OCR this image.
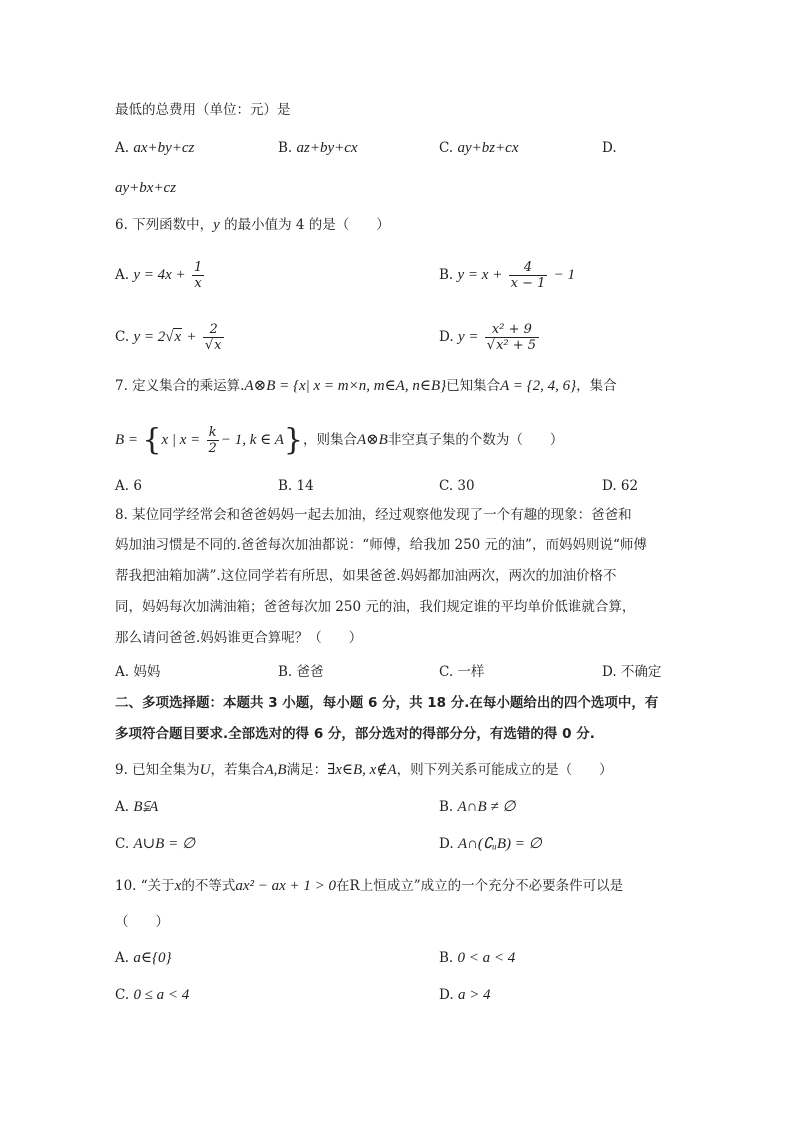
最低的总费用（单位：元）是
A. ax+by+cz	B. az+by+cx	C. ay+bz+cx	D.
ay+bx+cz
6. 下列函数中，y 的最小值为 4 的是（　　）
A. $y = 4x + \frac{1}{x}$	B. $y = x + \frac{4}{x - 1} - 1$
C. $y = 2√x + \frac{2}{√x}$	D. $y = \frac{\text{x² + 9}}{\text{√x² + 5}}$
7. 定义集合的乘运算.A⊗B = {x| x = m×n, m∈A, n∈B}已知集合A = {2, 4, 6}，集合
B = {x | $x = \frac{k}{2} - 1$, k ∈ A}，则集合A⊗B非空真子集的个数为（　　）
A. 6	B. 14	C. 30	D. 62
8. 某位同学经常会和爸爸妈妈一起去加油，经过观察他发现了一个有趣的现象：爸爸和
妈加油习惯是不同的.爸爸每次加油都说：“师傅，给我加 250 元的油”，而妈妈则说“师傅
帮我把油箱加满”.这位同学若有所思，如果爸爸.妈妈都加油两次，两次的加油价格不
同，妈妈每次加满油箱；爸爸每次加 250 元的油，我们规定谁的平均单价低谁就合算，
那么请问爸爸.妈妈谁更合算呢？（　　）
A. 妈妈	B. 爸爸	C. 一样	D. 不确定
二、多项选择题：本题共 3 小题，每小题 6 分，共 18 分.在每小题给出的四个选项中，有
多项符合题目要求.全部选对的得 6 分，部分选对的得部分分，有选错的得 0 分.
9. 已知全集为U，若集合A,B满足：∃x∈B, x∉A，则下列关系可能成立的是（　　）
A. B⫋A	B. A∩B ≠ ∅
C. A∪B = ∅	D. A∩(∁ᵤB) = ∅
10. “关于x的不等式ax² − ax + 1 > 0在R上恒成立”成立的一个充分不必要条件可以是
（　　）
A. a∈{0}	B. 0 < a < 4
C. 0 ≤ a < 4	D. a > 4
